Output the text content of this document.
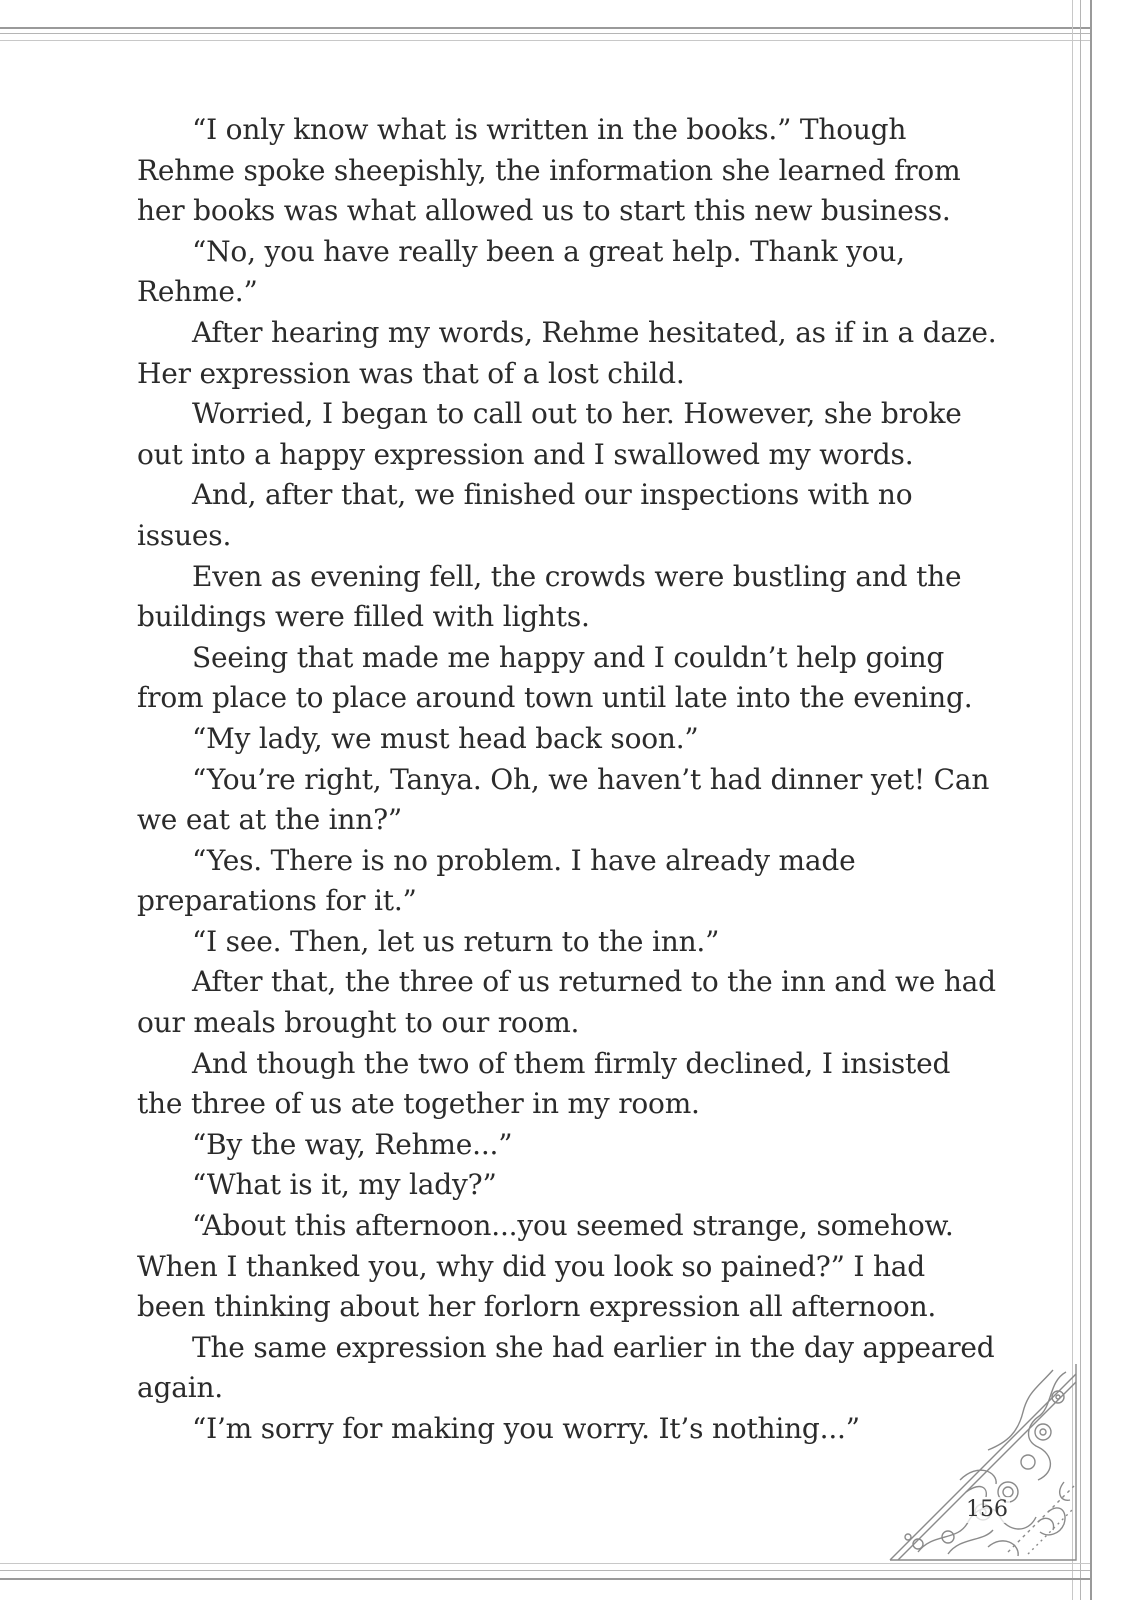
“I only know what is written in the books.” Though
Rehme spoke sheepishly, the information she learned from
her books was what allowed us to start this new business.
“No, you have really been a great help. Thank you,
Rehme.”
After hearing my words, Rehme hesitated, as if in a daze.
Her expression was that of a lost child.
Worried, I began to call out to her. However, she broke
out into a happy expression and I swallowed my words.
And, after that, we finished our inspections with no
issues.
Even as evening fell, the crowds were bustling and the
buildings were filled with lights.
Seeing that made me happy and I couldn’t help going
from place to place around town until late into the evening.
“My lady, we must head back soon.”
“You’re right, Tanya. Oh, we haven’t had dinner yet! Can
we eat at the inn?”
“Yes. There is no problem. I have already made
preparations for it.”
“I see. Then, let us return to the inn.”
After that, the three of us returned to the inn and we had
our meals brought to our room.
And though the two of them firmly declined, I insisted
the three of us ate together in my room.
“By the way, Rehme...”
“What is it, my lady?”
“About this afternoon...you seemed strange, somehow.
When I thanked you, why did you look so pained?” I had
been thinking about her forlorn expression all afternoon.
The same expression she had earlier in the day appeared
again.
“I’m sorry for making you worry. It’s nothing...”
156
